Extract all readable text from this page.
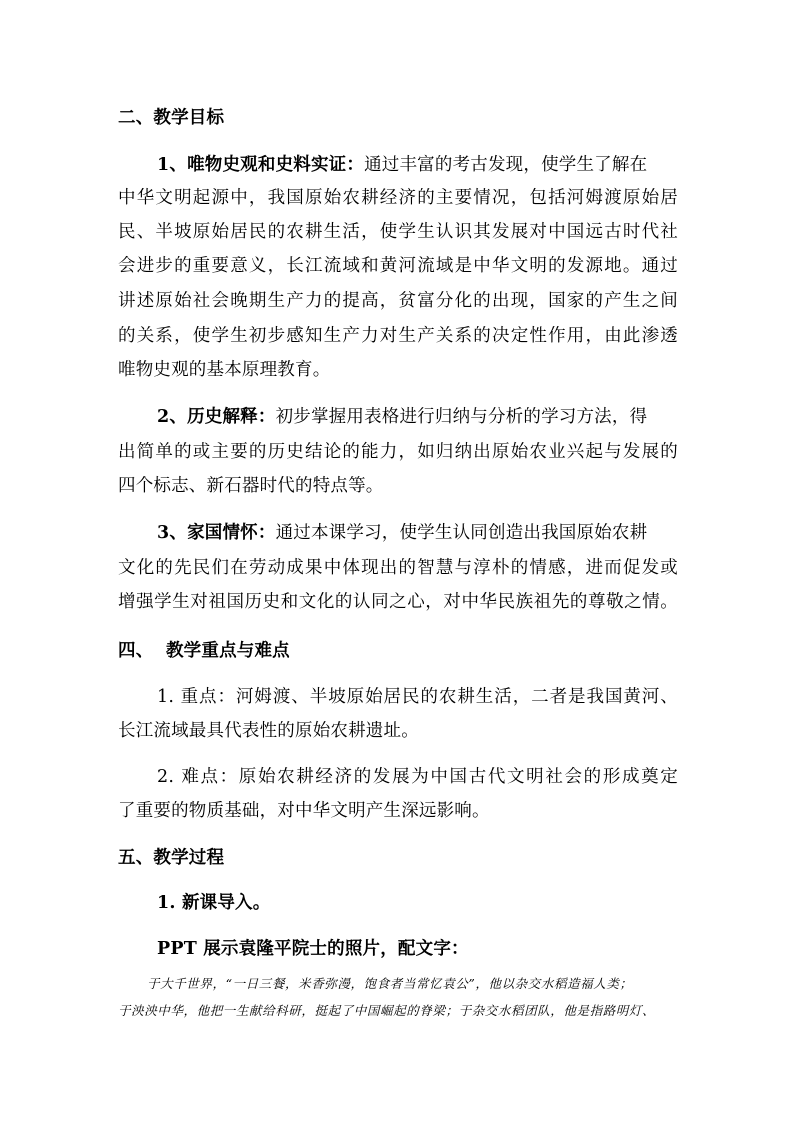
二、教学目标
1、唯物史观和史料实证：通过丰富的考古发现，使学生了解在
中华文明起源中，我国原始农耕经济的主要情况，包括河姆渡原始居
民、半坡原始居民的农耕生活，使学生认识其发展对中国远古时代社
会进步的重要意义，长江流域和黄河流域是中华文明的发源地。通过
讲述原始社会晚期生产力的提高，贫富分化的出现，国家的产生之间
的关系，使学生初步感知生产力对生产关系的决定性作用，由此渗透
唯物史观的基本原理教育。
2、历史解释：初步掌握用表格进行归纳与分析的学习方法，得
出简单的或主要的历史结论的能力，如归纳出原始农业兴起与发展的
四个标志、新石器时代的特点等。
3、家国情怀：通过本课学习，使学生认同创造出我国原始农耕
文化的先民们在劳动成果中体现出的智慧与淳朴的情感，进而促发或
增强学生对祖国历史和文化的认同之心，对中华民族祖先的尊敬之情。
四、  教学重点与难点
1. 重点：河姆渡、半坡原始居民的农耕生活，二者是我国黄河、
长江流域最具代表性的原始农耕遗址。
2. 难点：原始农耕经济的发展为中国古代文明社会的形成奠定
了重要的物质基础，对中华文明产生深远影响。
五、教学过程
1. 新课导入。
PPT 展示袁隆平院士的照片，配文字：
于大千世界，“一日三餐，米香弥漫，饱食者当常忆袁公”，他以杂交水稻造福人类；
于泱泱中华，他把一生献给科研，挺起了中国崛起的脊梁；于杂交水稻团队，他是指路明灯、
